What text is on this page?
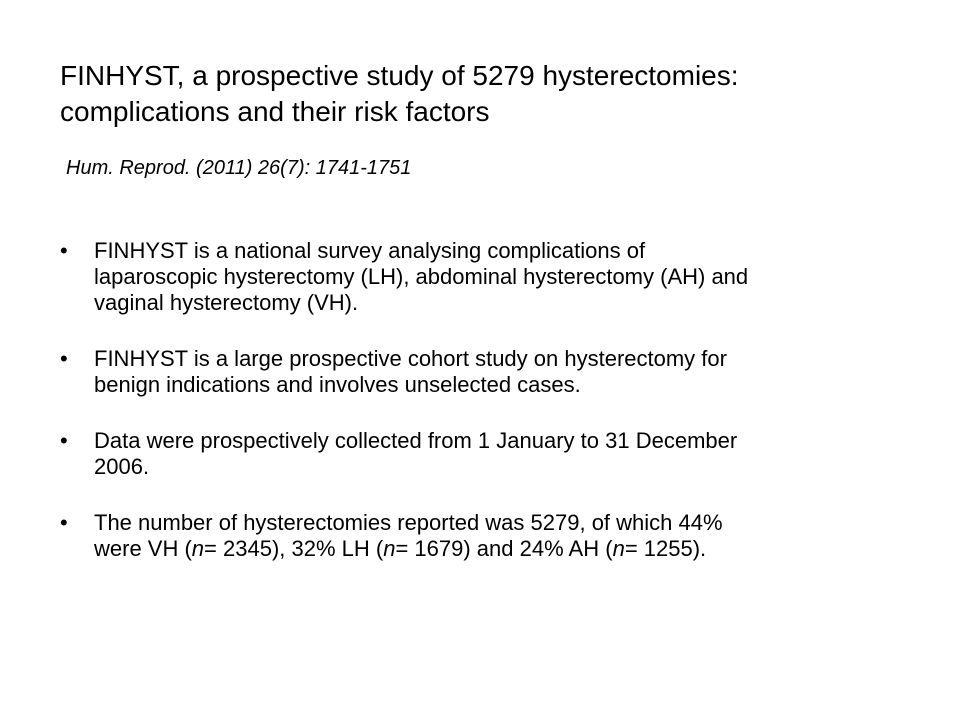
FINHYST, a prospective study of 5279 hysterectomies:
complications and their risk factors
Hum. Reprod. (2011) 26(7): 1741-1751
•	FINHYST is a national survey analysing complications of
laparoscopic hysterectomy (LH), abdominal hysterectomy (AH) and
vaginal hysterectomy (VH).
•	FINHYST is a large prospective cohort study on hysterectomy for
benign indications and involves unselected cases.
•	Data were prospectively collected from 1 January to 31 December
2006.
•	The number of hysterectomies reported was 5279, of which 44%
were VH (n= 2345), 32% LH (n= 1679) and 24% AH (n= 1255).
